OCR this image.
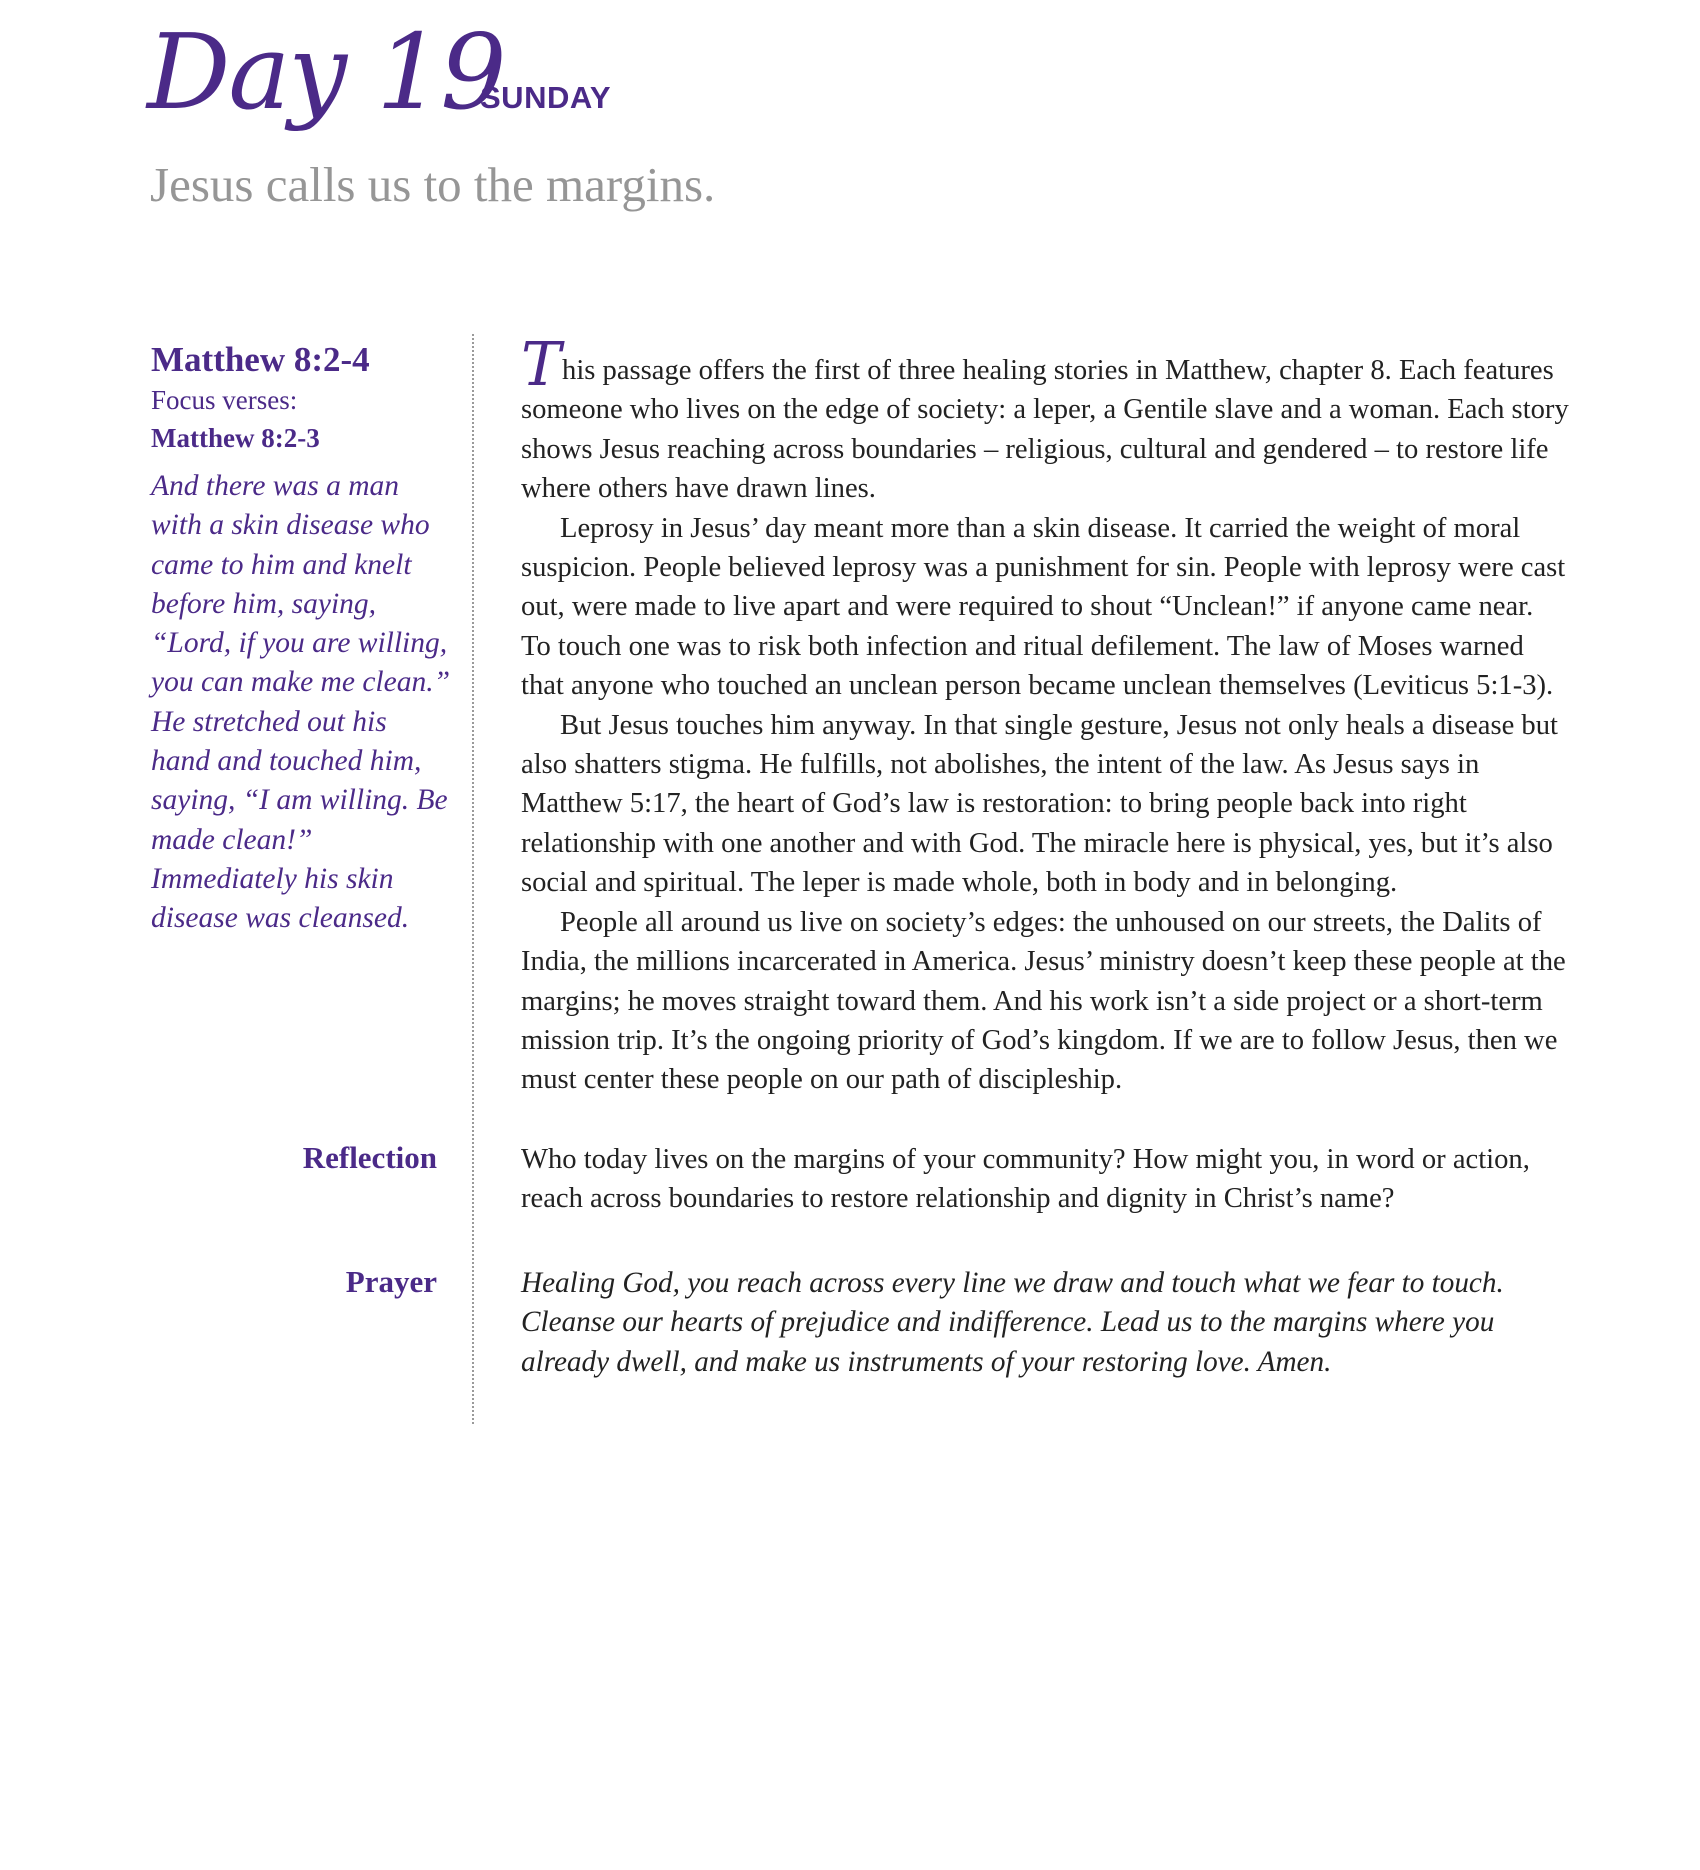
Day 19
SUNDAY
Jesus calls us to the margins.
Matthew 8:2-4
Focus verses:
Matthew 8:2-3
And there was a man with a skin disease who came to him and knelt before him, saying, “Lord, if you are willing, you can make me clean.” He stretched out his hand and touched him, saying, “I am willing. Be made clean!” Immediately his skin disease was cleansed.
Reflection
Prayer

This passage offers the first of three healing stories in Matthew, chapter 8. Each features someone who lives on the edge of society: a leper, a Gentile slave and a woman. Each story shows Jesus reaching across boundaries – religious, cultural and gendered – to restore life where others have drawn lines.

Leprosy in Jesus’ day meant more than a skin disease. It carried the weight of moral suspicion. People believed leprosy was a punishment for sin. People with leprosy were cast out, were made to live apart and were required to shout “Unclean!” if anyone came near. To touch one was to risk both infection and ritual defilement. The law of Moses warned that anyone who touched an unclean person became unclean themselves (Leviticus 5:1-3).

But Jesus touches him anyway. In that single gesture, Jesus not only heals a disease but also shatters stigma. He fulfills, not abolishes, the intent of the law. As Jesus says in Matthew 5:17, the heart of God’s law is restoration: to bring people back into right relationship with one another and with God. The miracle here is physical, yes, but it’s also social and spiritual. The leper is made whole, both in body and in belonging.

People all around us live on society’s edges: the unhoused on our streets, the Dalits of India, the millions incarcerated in America. Jesus’ ministry doesn’t keep these people at the margins; he moves straight toward them. And his work isn’t a side project or a short-term mission trip. It’s the ongoing priority of God’s kingdom. If we are to follow Jesus, then we must center these people on our path of discipleship.

Who today lives on the margins of your community? How might you, in word or action, reach across boundaries to restore relationship and dignity in Christ’s name?
Healing God, you reach across every line we draw and touch what we fear to touch. Cleanse our hearts of prejudice and indifference. Lead us to the margins where you already dwell, and make us instruments of your restoring love. Amen.
